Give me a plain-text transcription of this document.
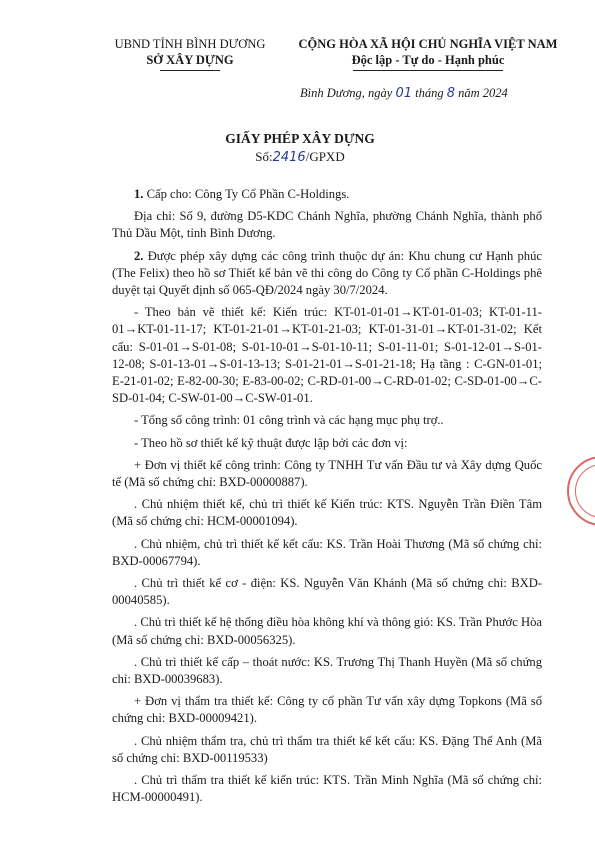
UBND TỈNH BÌNH DƯƠNG
SỞ XÂY DỰNG
CỘNG HÒA XÃ HỘI CHỦ NGHĨA VIỆT NAM
Độc lập - Tự do - Hạnh phúc
Bình Dương, ngày 01 tháng 8 năm 2024
GIẤY PHÉP XÂY DỰNG
Số:2416/GPXD

1. Cấp cho: Công Ty Cổ Phần C-Holdings.

Địa chỉ: Số 9, đường D5-KDC Chánh Nghĩa, phường Chánh Nghĩa, thành phố Thủ Dầu Một, tỉnh Bình Dương.

2. Được phép xây dựng các công trình thuộc dự án: Khu chung cư Hạnh phúc (The Felix) theo hồ sơ Thiết kế bản vẽ thi công do Công ty Cổ phần C-Holdings phê duyệt tại Quyết định số 065-QĐ/2024 ngày 30/7/2024.

- Theo bản vẽ thiết kế: Kiến trúc: KT-01-01-01→KT-01-01-03; KT-01-11-01→KT-01-11-17; KT-01-21-01→KT-01-21-03; KT-01-31-01→KT-01-31-02; Kết cấu: S-01-01→S-01-08; S-01-10-01→S-01-10-11; S-01-11-01; S-01-12-01→S-01-12-08; S-01-13-01→S-01-13-13; S-01-21-01→S-01-21-18; Hạ tầng : C-GN-01-01; E-21-01-02; E-82-00-30; E-83-00-02; C-RD-01-00→C-RD-01-02; C-SD-01-00→C-SD-01-04; C-SW-01-00→C-SW-01-01.

- Tổng số công trình: 01 công trình và các hạng mục phụ trợ..

- Theo hồ sơ thiết kế kỹ thuật được lập bởi các đơn vị:

+ Đơn vị thiết kế công trình: Công ty TNHH Tư vấn Đầu tư và Xây dựng Quốc tế (Mã số chứng chỉ: BXD-00000887).

. Chủ nhiệm thiết kế, chủ trì thiết kế Kiến trúc: KTS. Nguyễn Trần Điền Tâm (Mã số chứng chỉ: HCM-00001094).

. Chủ nhiệm, chủ trì thiết kế kết cấu: KS. Trần Hoài Thương (Mã số chứng chỉ: BXD-00067794).

. Chủ trì thiết kế cơ - điện: KS. Nguyễn Văn Khánh (Mã số chứng chỉ: BXD-00040585).

. Chủ trì thiết kế hệ thống điều hòa không khí và thông gió: KS. Trần Phước Hòa (Mã số chứng chỉ: BXD-00056325).

. Chủ trì thiết kế cấp – thoát nước: KS. Trương Thị Thanh Huyền (Mã số chứng chỉ: BXD-00039683).

+ Đơn vị thẩm tra thiết kế: Công ty cổ phần Tư vấn xây dựng Topkons (Mã số chứng chỉ: BXD-00009421).

. Chủ nhiệm thẩm tra, chủ trì thẩm tra thiết kế kết cấu: KS. Đặng Thế Anh (Mã số chứng chỉ: BXD-00119533)

. Chủ trì thẩm tra thiết kế kiến trúc: KTS. Trần Minh Nghĩa (Mã số chứng chỉ: HCM-00000491).
